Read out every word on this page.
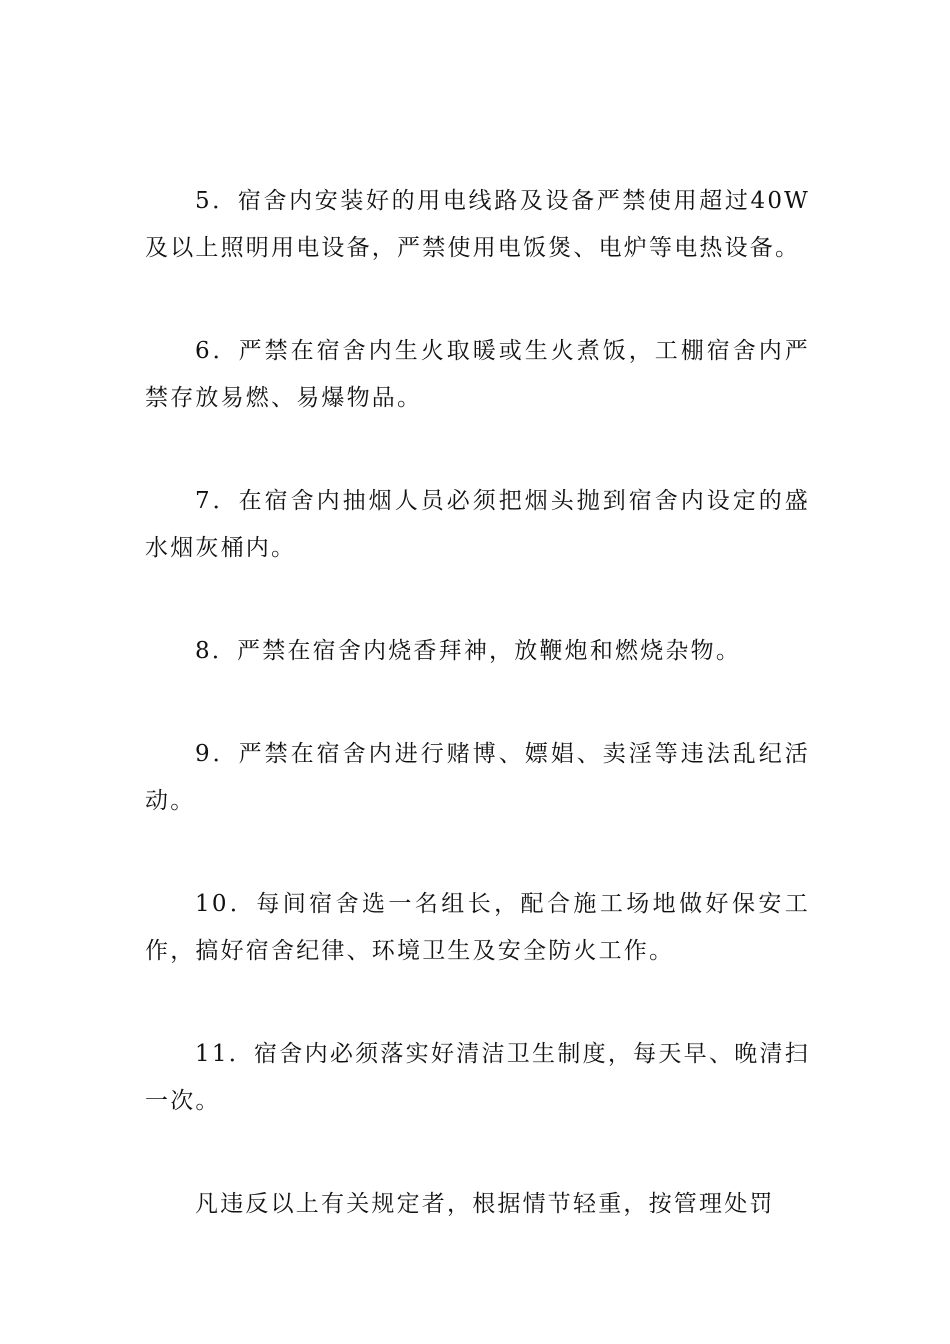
5．宿舍内安装好的用电线路及设备严禁使用超过40W及以上照明用电设备，严禁使用电饭煲、电炉等电热设备。

6．严禁在宿舍内生火取暖或生火煮饭，工棚宿舍内严禁存放易燃、易爆物品。

7．在宿舍内抽烟人员必须把烟头抛到宿舍内设定的盛水烟灰桶内。

8．严禁在宿舍内烧香拜神，放鞭炮和燃烧杂物。

9．严禁在宿舍内进行赌博、嫖娼、卖淫等违法乱纪活动。

10．每间宿舍选一名组长，配合施工场地做好保安工作，搞好宿舍纪律、环境卫生及安全防火工作。

11．宿舍内必须落实好清洁卫生制度，每天早、晚清扫一次。

凡违反以上有关规定者，根据情节轻重，按管理处罚
